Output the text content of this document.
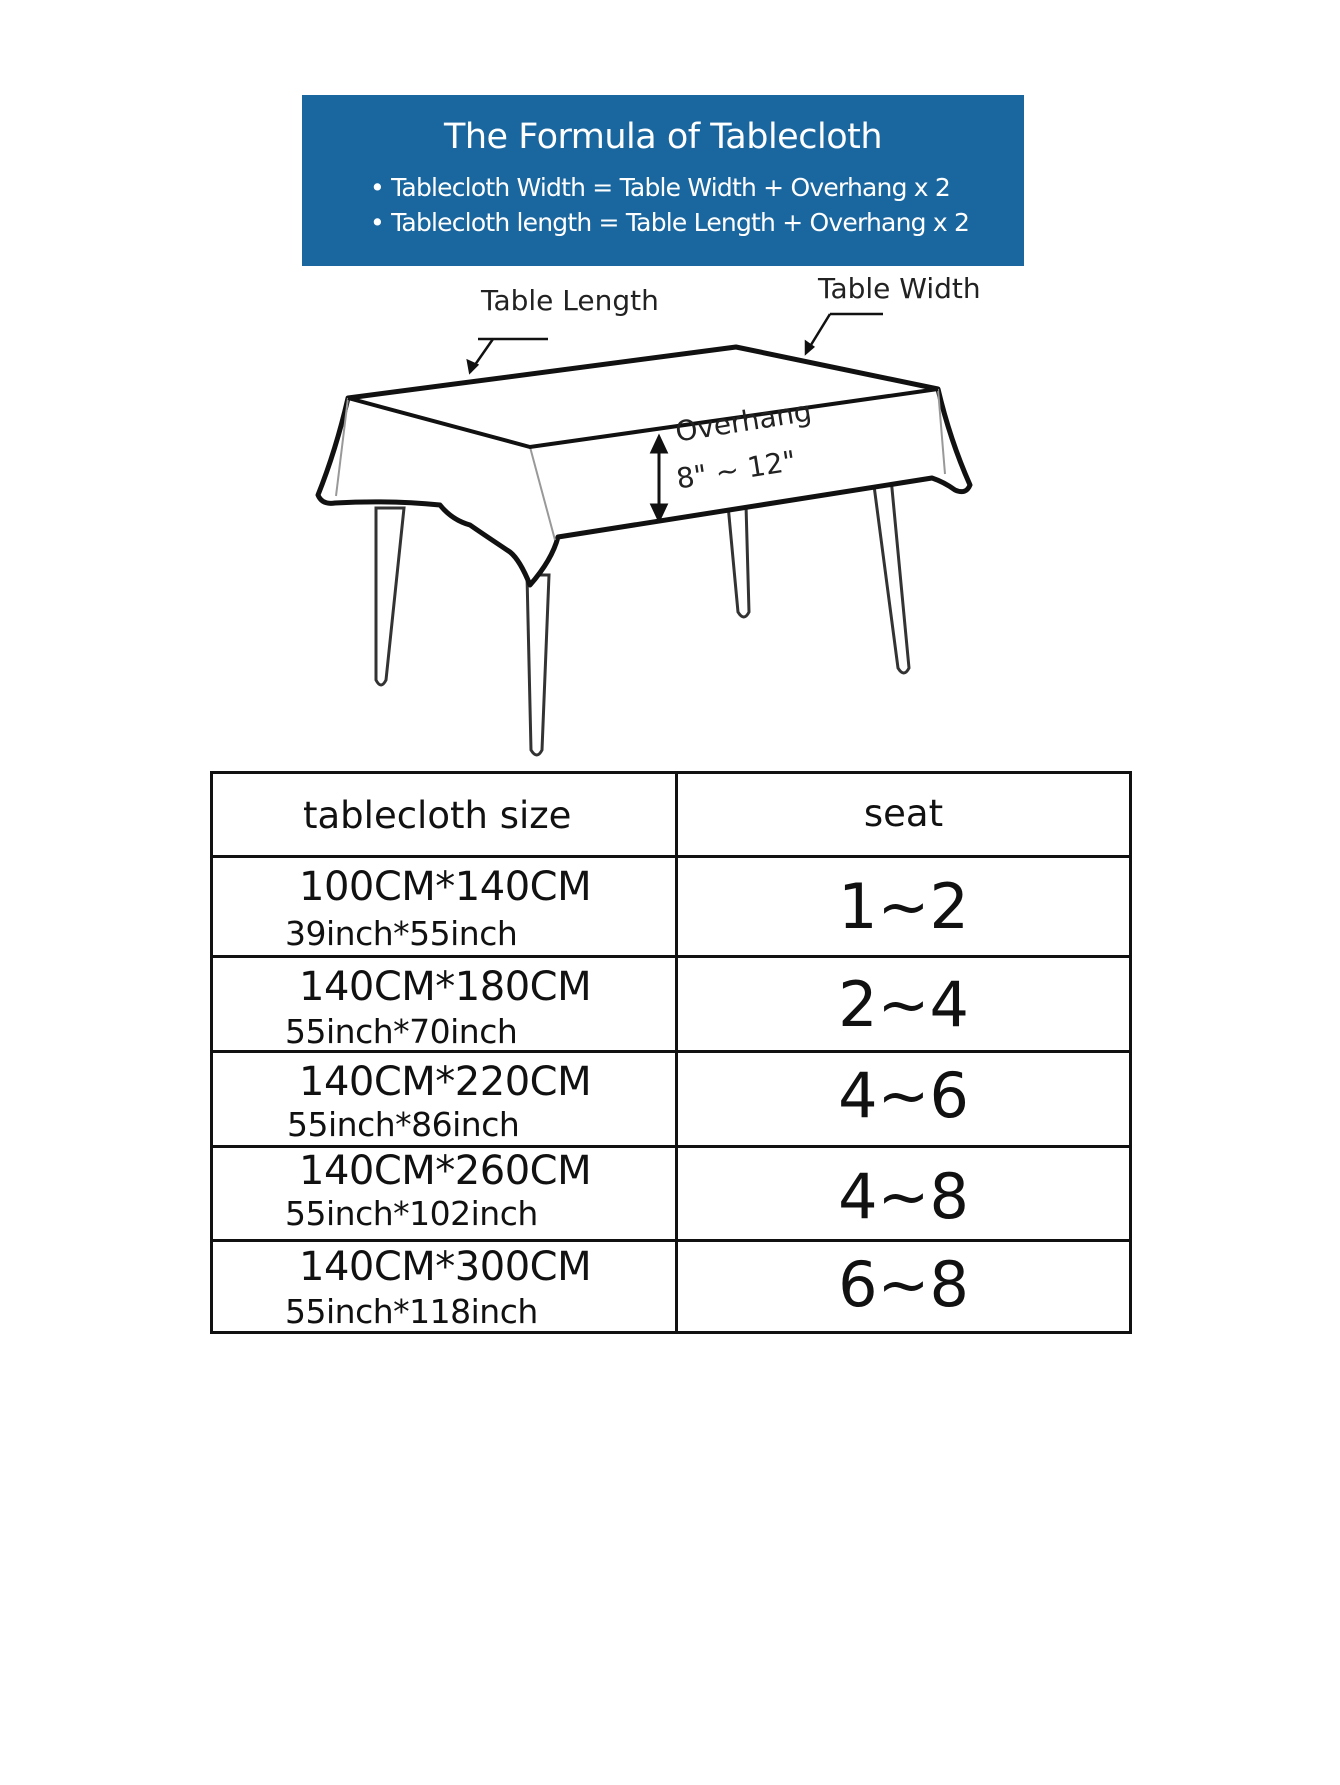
The Formula of Tablecloth
• Tablecloth Width = Table Width + Overhang x 2
• Tablecloth length = Table Length + Overhang x 2
Table Length	Table Width
Overhang
8" ~ 12"
tablecloth size	seat
100CM*140CM
39inch*55inch	1~2
140CM*180CM
55inch*70inch	2~4
140CM*220CM
55inch*86inch	4~6
140CM*260CM
55inch*102inch	4~8
140CM*300CM
55inch*118inch	6~8
